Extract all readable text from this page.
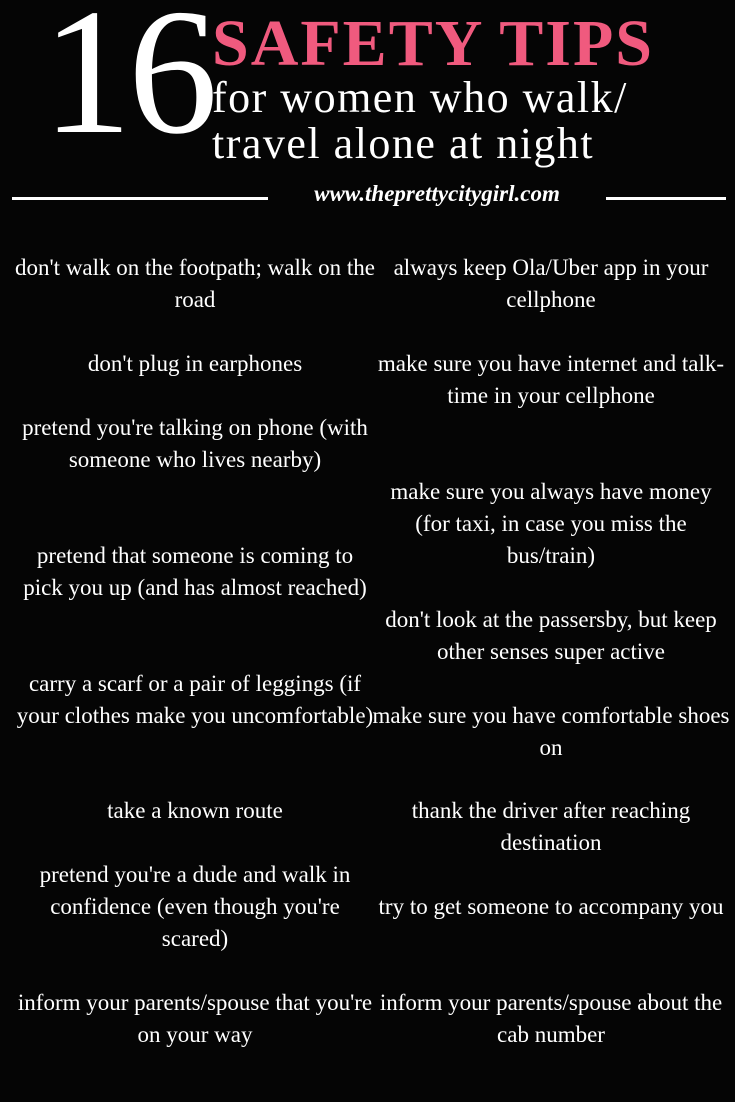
16
SAFETY TIPS
for women who walk/
travel alone at night
www.theprettycitygirl.com
don't walk on the footpath; walk on the road
don't plug in earphones
pretend you're talking on phone (with someone who lives nearby)
pretend that someone is coming to pick you up (and has almost reached)
carry a scarf or a pair of leggings (if your clothes make you uncomfortable)
take a known route
pretend you're a dude and walk in confidence (even though you're scared)
inform your parents/spouse that you're on your way
always keep Ola/Uber app in your cellphone
make sure you have internet and talk-time in your cellphone
make sure you always have money (for taxi, in case you miss the bus/train)
don't look at the passersby, but keep other senses super active
make sure you have comfortable shoes on
thank the driver after reaching destination
try to get someone to accompany you
inform your parents/spouse about the cab number
